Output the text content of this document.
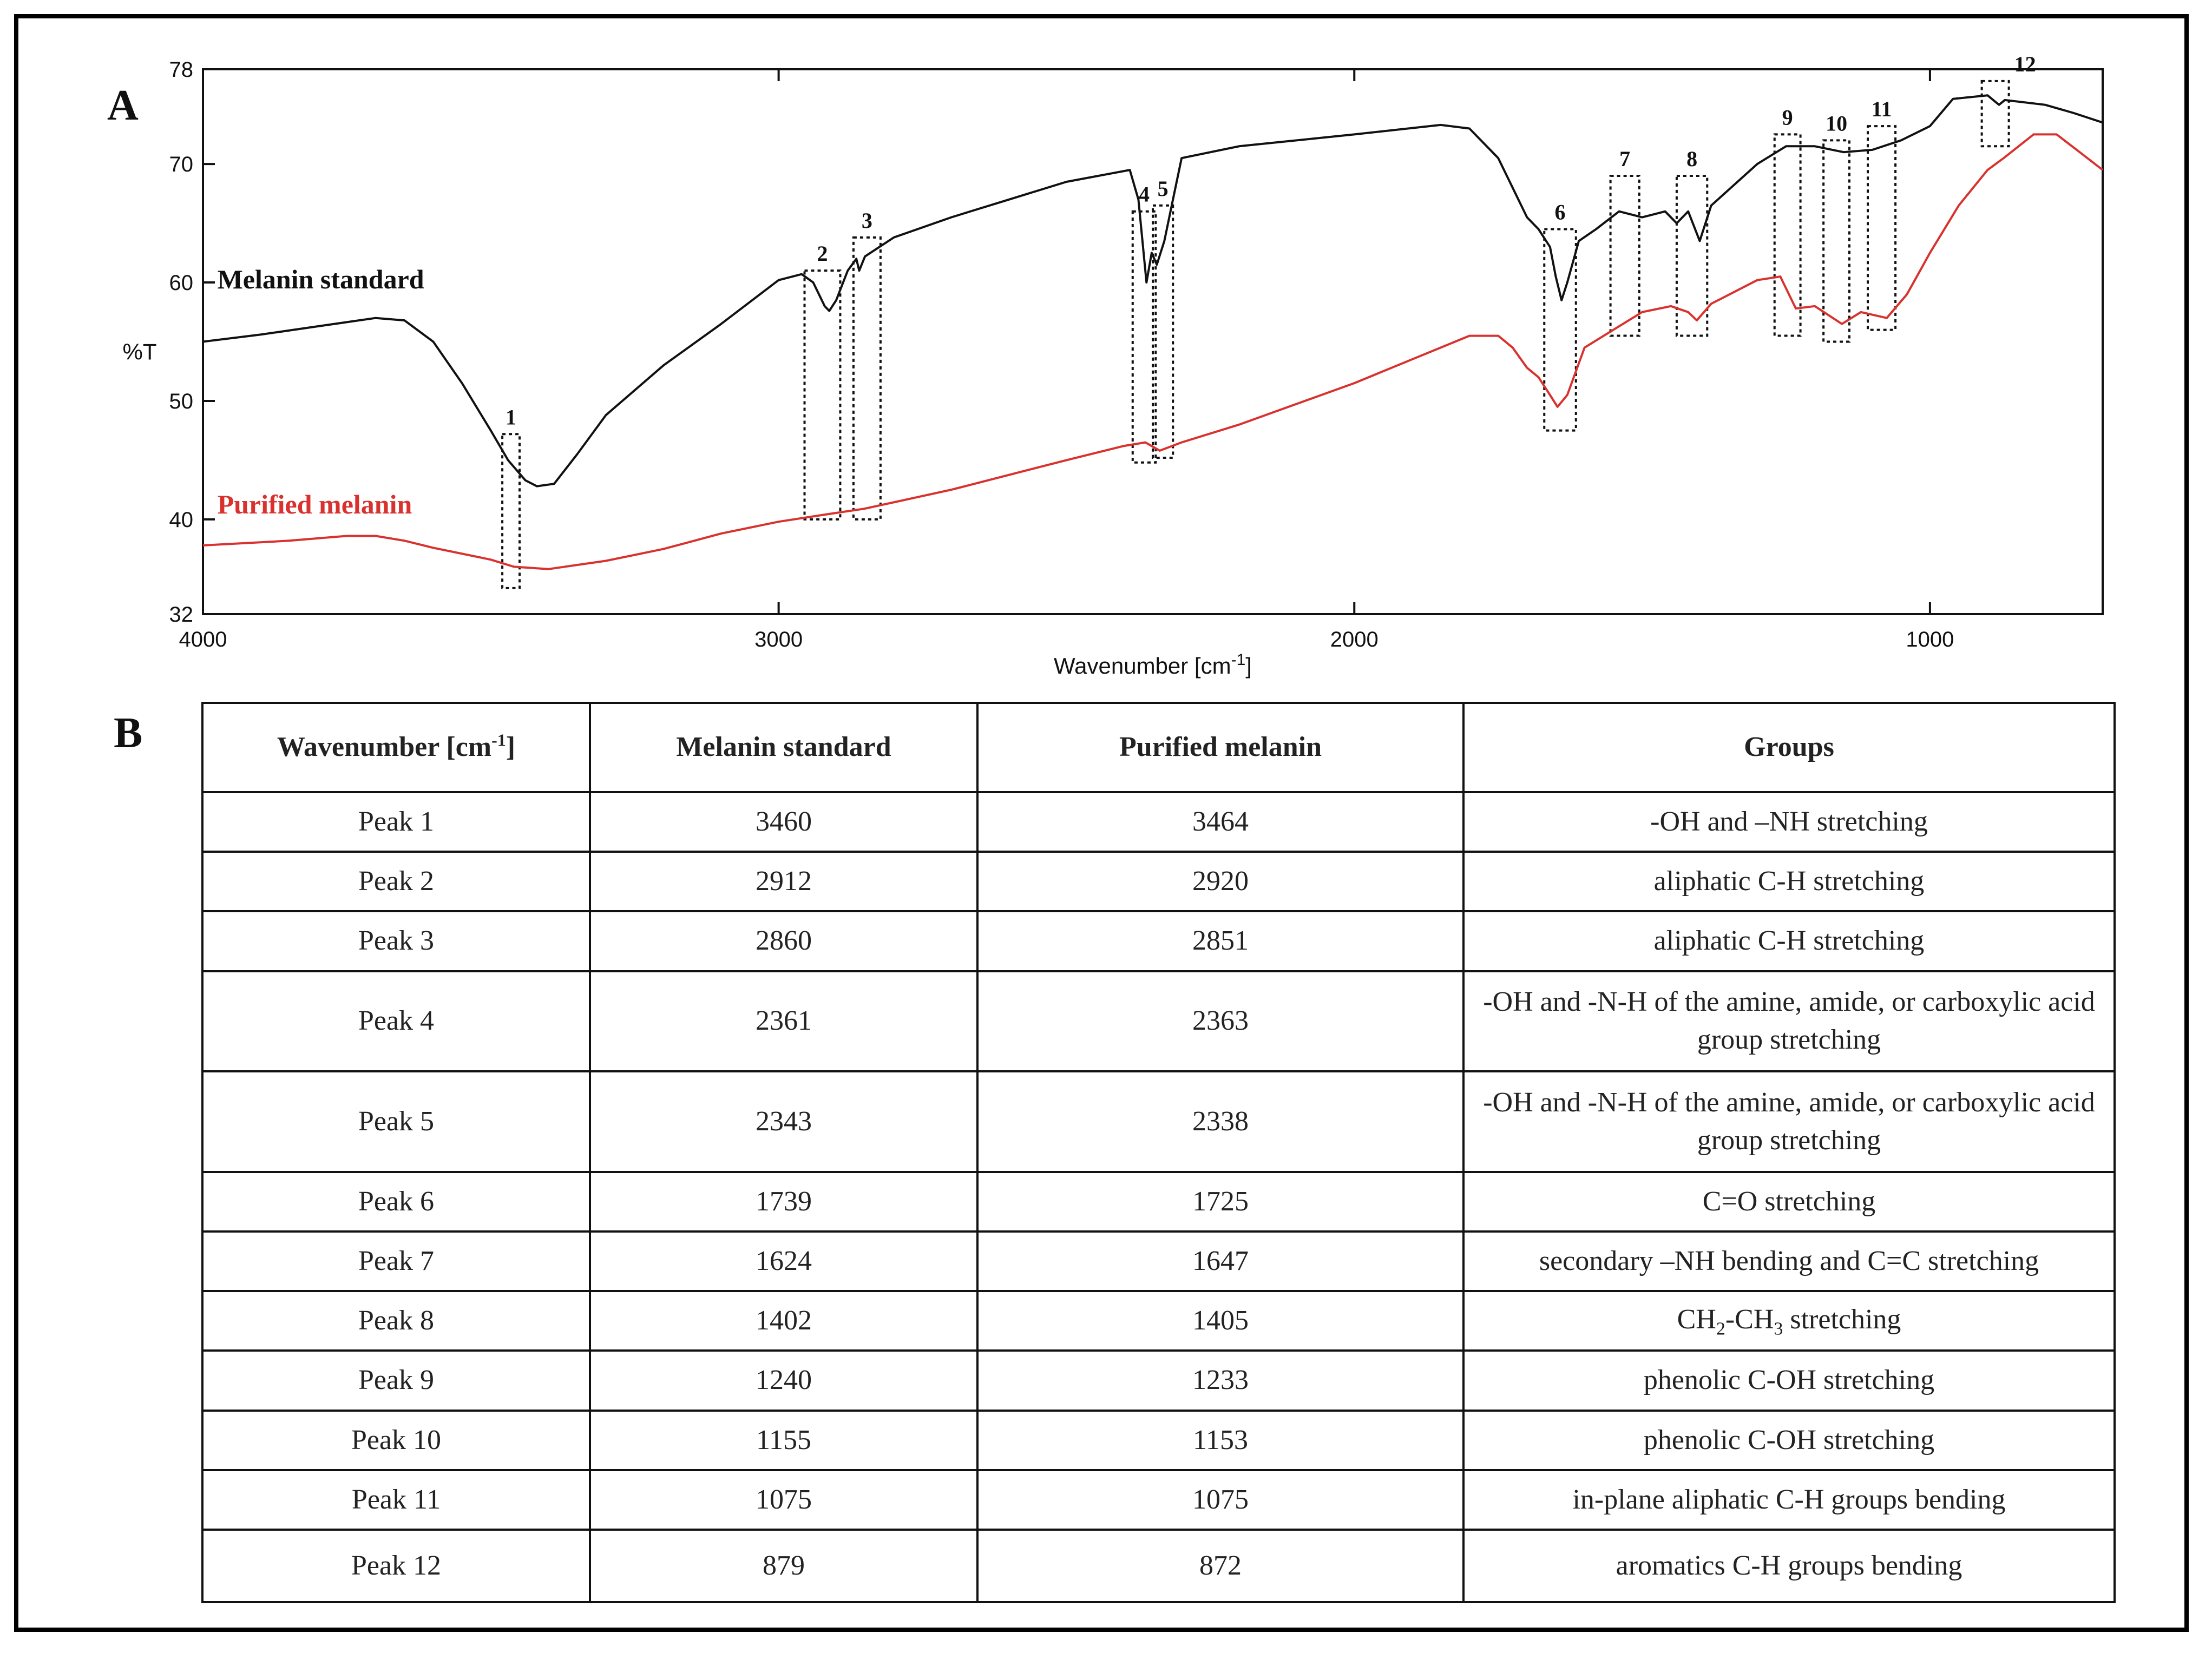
A
B
4000	3000	2000	1000
32
40
50
60
70
78
%T
Wavenumber $[cm^{-1}]$
1
2
3
4 5
6
7	8
9 10
11
12
Melanin standard
Purified melanin
Wavenumber $[cm^{-1}]$	Melanin standard	Purified melanin	Groups
Peak 1	3460	3464	-OH and –NH stretching
Peak 2	2912	2920	aliphatic C-H stretching
Peak 3	2860	2851	aliphatic C-H stretching
Peak 4	2361	2363	-OH and -N-H of the amine, amide, or carboxylic acid group stretching
Peak 5	2343	2338	-OH and -N-H of the amine, amide, or carboxylic acid group stretching
Peak 6	1739	1725	C=O stretching
Peak 7	1624	1647	secondary –NH bending and C=C stretching
Peak 8	1402	1405	$CH_2-CH_3$ stretching
Peak 9	1240	1233	phenolic C-OH stretching
Peak 10	1155	1153	phenolic C-OH stretching
Peak 11	1075	1075	in-plane aliphatic C-H groups bending
Peak 12	879	872	aromatics C-H groups bending
